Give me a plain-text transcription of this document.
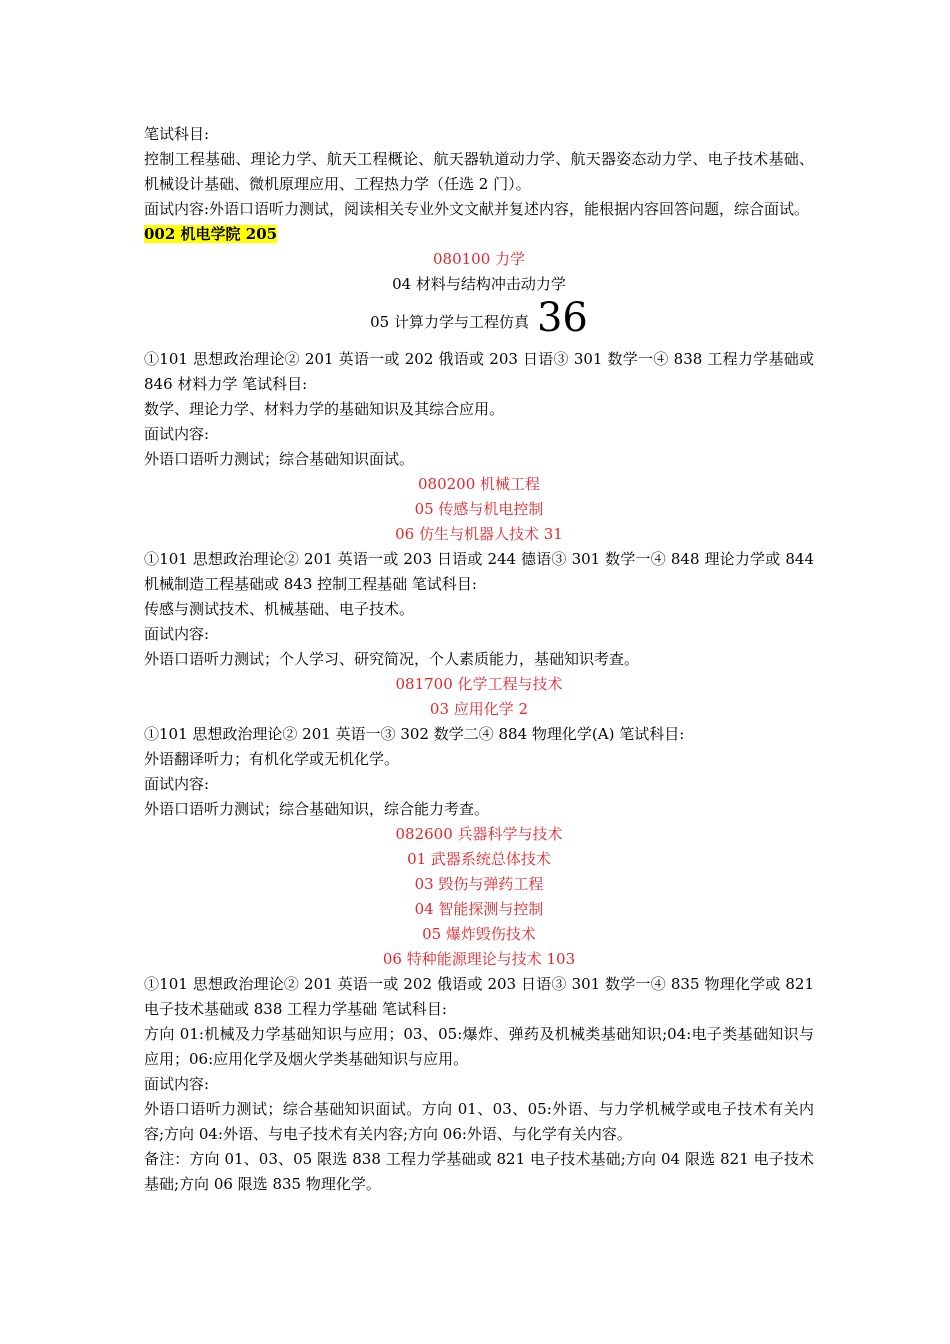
笔试科目:

控制工程基础、理论力学、航天工程概论、航天器轨道动力学、航天器姿态动力学、电子技术基础、机械设计基础、微机原理应用、工程热力学（任选 2 门）。

面试内容:外语口语听力测试，阅读相关专业外文文献并复述内容，能根据内容回答问题，综合面试。

002 机电学院 205

080100 力学

04 材料与结构冲击动力学

05 计算力学与工程仿真 36

①101 思想政治理论② 201 英语一或 202 俄语或 203 日语③ 301 数学一④ 838 工程力学基础或 846 材料力学 笔试科目:

数学、理论力学、材料力学的基础知识及其综合应用。

面试内容:

外语口语听力测试；综合基础知识面试。

080200 机械工程

05 传感与机电控制

06 仿生与机器人技术 31

①101 思想政治理论② 201 英语一或 203 日语或 244 德语③ 301 数学一④ 848 理论力学或 844 机械制造工程基础或 843 控制工程基础 笔试科目:

传感与测试技术、机械基础、电子技术。

面试内容:

外语口语听力测试；个人学习、研究简况，个人素质能力，基础知识考查。

081700 化学工程与技术

03 应用化学 2

①101 思想政治理论② 201 英语一③ 302 数学二④ 884 物理化学(A) 笔试科目:

外语翻译听力；有机化学或无机化学。

面试内容:

外语口语听力测试；综合基础知识，综合能力考查。

082600 兵器科学与技术

01 武器系统总体技术

03 毁伤与弹药工程

04 智能探测与控制

05 爆炸毁伤技术

06 特种能源理论与技术 103

①101 思想政治理论② 201 英语一或 202 俄语或 203 日语③ 301 数学一④ 835 物理化学或 821 电子技术基础或 838 工程力学基础 笔试科目:

方向 01:机械及力学基础知识与应用；03、05:爆炸、弹药及机械类基础知识;04:电子类基础知识与应用；06:应用化学及烟火学类基础知识与应用。

面试内容:

外语口语听力测试；综合基础知识面试。方向 01、03、05:外语、与力学机械学或电子技术有关内容;方向 04:外语、与电子技术有关内容;方向 06:外语、与化学有关内容。

备注：方向 01、03、05 限选 838 工程力学基础或 821 电子技术基础;方向 04 限选 821 电子技术基础;方向 06 限选 835 物理化学。
